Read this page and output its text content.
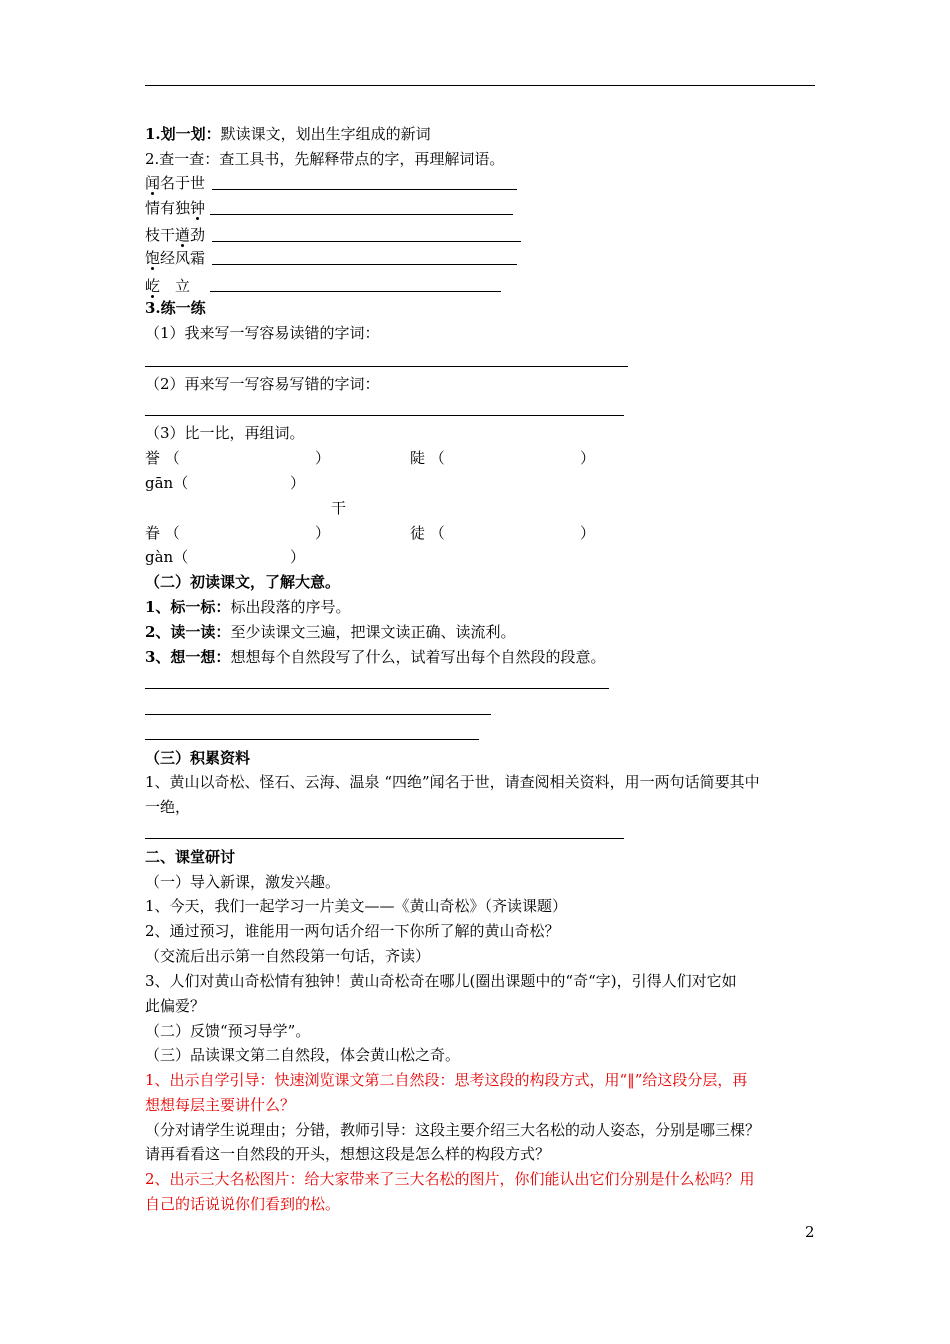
1.划一划：默读课文，划出生字组成的新词
2.查一查：查工具书，先解释带点的字，再理解词语。
闻名于世
情有独钟
枝干遒劲
饱经风霜
屹　立
3.练一练
（1）我来写一写容易读错的字词：
（2）再来写一写容易写错的字词：
（3）比一比，再组词。
誉 （	）	陡 （	）
gān（	）
干
眷 （	）	徒 （	）
gàn（	）
（二）初读课文，了解大意。
1、标一标：标出段落的序号。
2、读一读：至少读课文三遍，把课文读正确、读流利。
3、想一想：想想每个自然段写了什么，试着写出每个自然段的段意。
（三）积累资料
1、黄山以奇松、怪石、云海、温泉 “四绝”闻名于世，请查阅相关资料，用一两句话简要其中
一绝，
二、课堂研讨
（一）导入新课，激发兴趣。
1、今天，我们一起学习一片美文——《黄山奇松》（齐读课题）
2、通过预习，谁能用一两句话介绍一下你所了解的黄山奇松？
（交流后出示第一自然段第一句话，齐读）
3、人们对黄山奇松情有独钟！黄山奇松奇在哪儿(圈出课题中的“奇“字)，引得人们对它如
此偏爱？
（二）反馈“预习导学”。
（三）品读课文第二自然段，体会黄山松之奇。
1、出示自学引导：快速浏览课文第二自然段：思考这段的构段方式，用“‖”给这段分层，再
想想每层主要讲什么？
（分对请学生说理由；分错，教师引导：这段主要介绍三大名松的动人姿态，分别是哪三棵？
请再看看这一自然段的开头，想想这段是怎么样的构段方式？
2、出示三大名松图片：给大家带来了三大名松的图片，你们能认出它们分别是什么松吗？用
自己的话说说你们看到的松。
2
